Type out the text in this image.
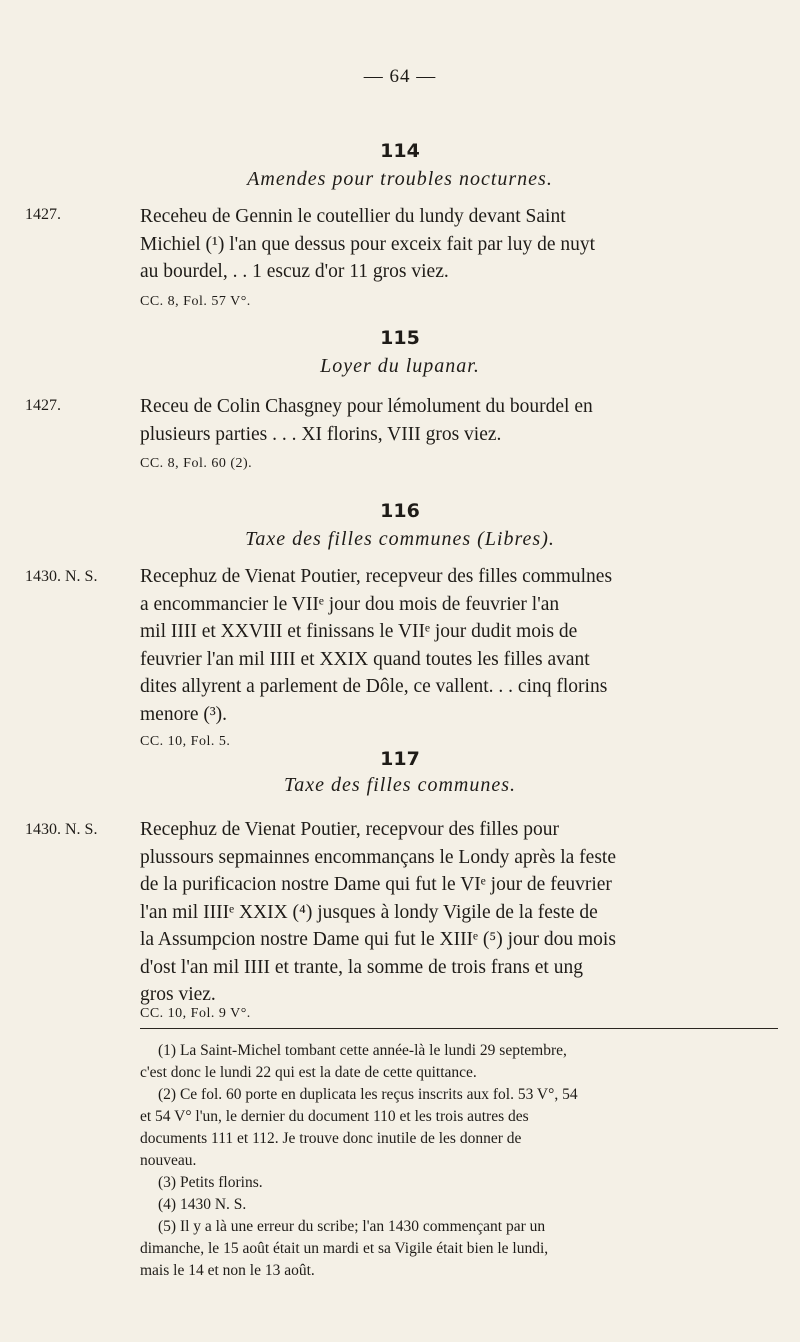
— 64 —
114
Amendes pour troubles nocturnes.
1427.	Receheu de Gennin le coutellier du lundy devant Saint
Michiel (¹) l'an que dessus pour exceix fait par luy de nuyt
au bourdel, . . 1 escuz d'or 11 gros viez.
CC. 8, Fol. 57 V°.
115
Loyer du lupanar.
1427.	Receu de Colin Chasgney pour lémolument du bourdel en
plusieurs parties . . . XI florins, VIII gros viez.
CC. 8, Fol. 60 (2).
116
Taxe des filles communes (Libres).
1430. N. S. Recephuz de Vienat Poutier, recepveur des filles commulnes
a encommancier le VIIᵉ jour dou mois de feuvrier l'an
mil IIII et XXVIII et finissans le VIIᵉ jour dudit mois de
feuvrier l'an mil IIII et XXIX quand toutes les filles avant
dites allyrent a parlement de Dôle, ce vallent. . . cinq florins
menore (³).
CC. 10, Fol. 5.
117
Taxe des filles communes.
1430. N. S. Recephuz de Vienat Poutier, recepvour des filles pour
plussours sepmainnes encommançans le Londy après la feste
de la purificacion nostre Dame qui fut le VIᵉ jour de feuvrier
l'an mil IIIIᵉ XXIX (⁴) jusques à londy Vigile de la feste de
la Assumpcion nostre Dame qui fut le XIIIᵉ (⁵) jour dou mois
d'ost l'an mil IIII et trante, la somme de trois frans et ung
gros viez.
CC. 10, Fol. 9 V°.
(1) La Saint-Michel tombant cette année-là le lundi 29 septembre,
c'est donc le lundi 22 qui est la date de cette quittance.
(2) Ce fol. 60 porte en duplicata les reçus inscrits aux fol. 53 V°, 54
et 54 V° l'un, le dernier du document 110 et les trois autres des
documents 111 et 112. Je trouve donc inutile de les donner de
nouveau.
(3) Petits florins.
(4) 1430 N. S.
(5) Il y a là une erreur du scribe; l'an 1430 commençant par un
dimanche, le 15 août était un mardi et sa Vigile était bien le lundi,
mais le 14 et non le 13 août.
